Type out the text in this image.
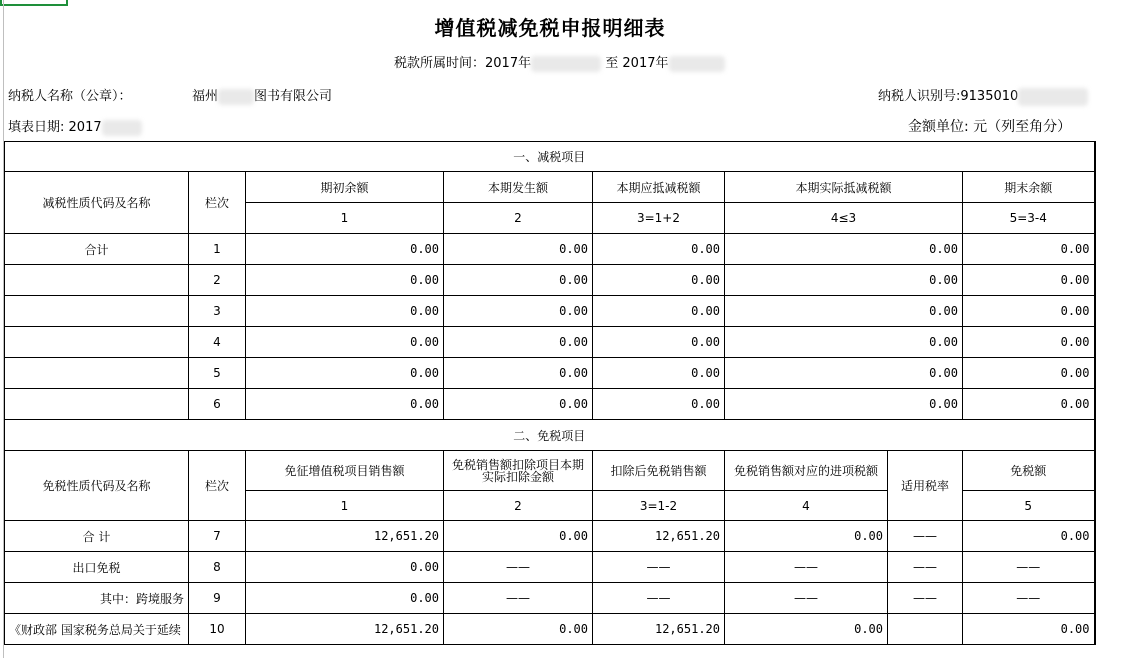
增值税减免税申报明细表
税款所属时间：2017年	至 2017年
纳税人名称（公章）：	福州	图书有限公司	纳税人识别号:9135010
填表日期: 2017	金额单位: 元（列至角分）
一、减税项目							
减税性质代码及名称	栏次	期初余额	本期发生额	本期应抵减税额	本期实际抵减税额		期末余额
		1	2	3=1+2	4≤3		5=3-4
合计	1	0.00	0.00	0.00	0.00		0.00
	2	0.00	0.00	0.00	0.00		0.00
	3	0.00	0.00	0.00	0.00		0.00
	4	0.00	0.00	0.00	0.00		0.00
	5	0.00	0.00	0.00	0.00		0.00
	6	0.00	0.00	0.00	0.00		0.00
二、免税项目							
免税性质代码及名称	栏次	免征增值税项目销售额	免税销售额扣除项目本期实际扣除金额	扣除后免税销售额	免税销售额对应的进项税额	适用税率	免税额
		1	2	3=1-2	4		5
合 计	7	12,651.20	0.00	12,651.20	0.00	——	0.00
出口免税	8	0.00	——	——	——	——	——
其中：跨境服务	9	0.00	——	——	——	——	——
《财政部 国家税务总局关于延续	10	12,651.20	0.00	12,651.20	0.00		0.00
